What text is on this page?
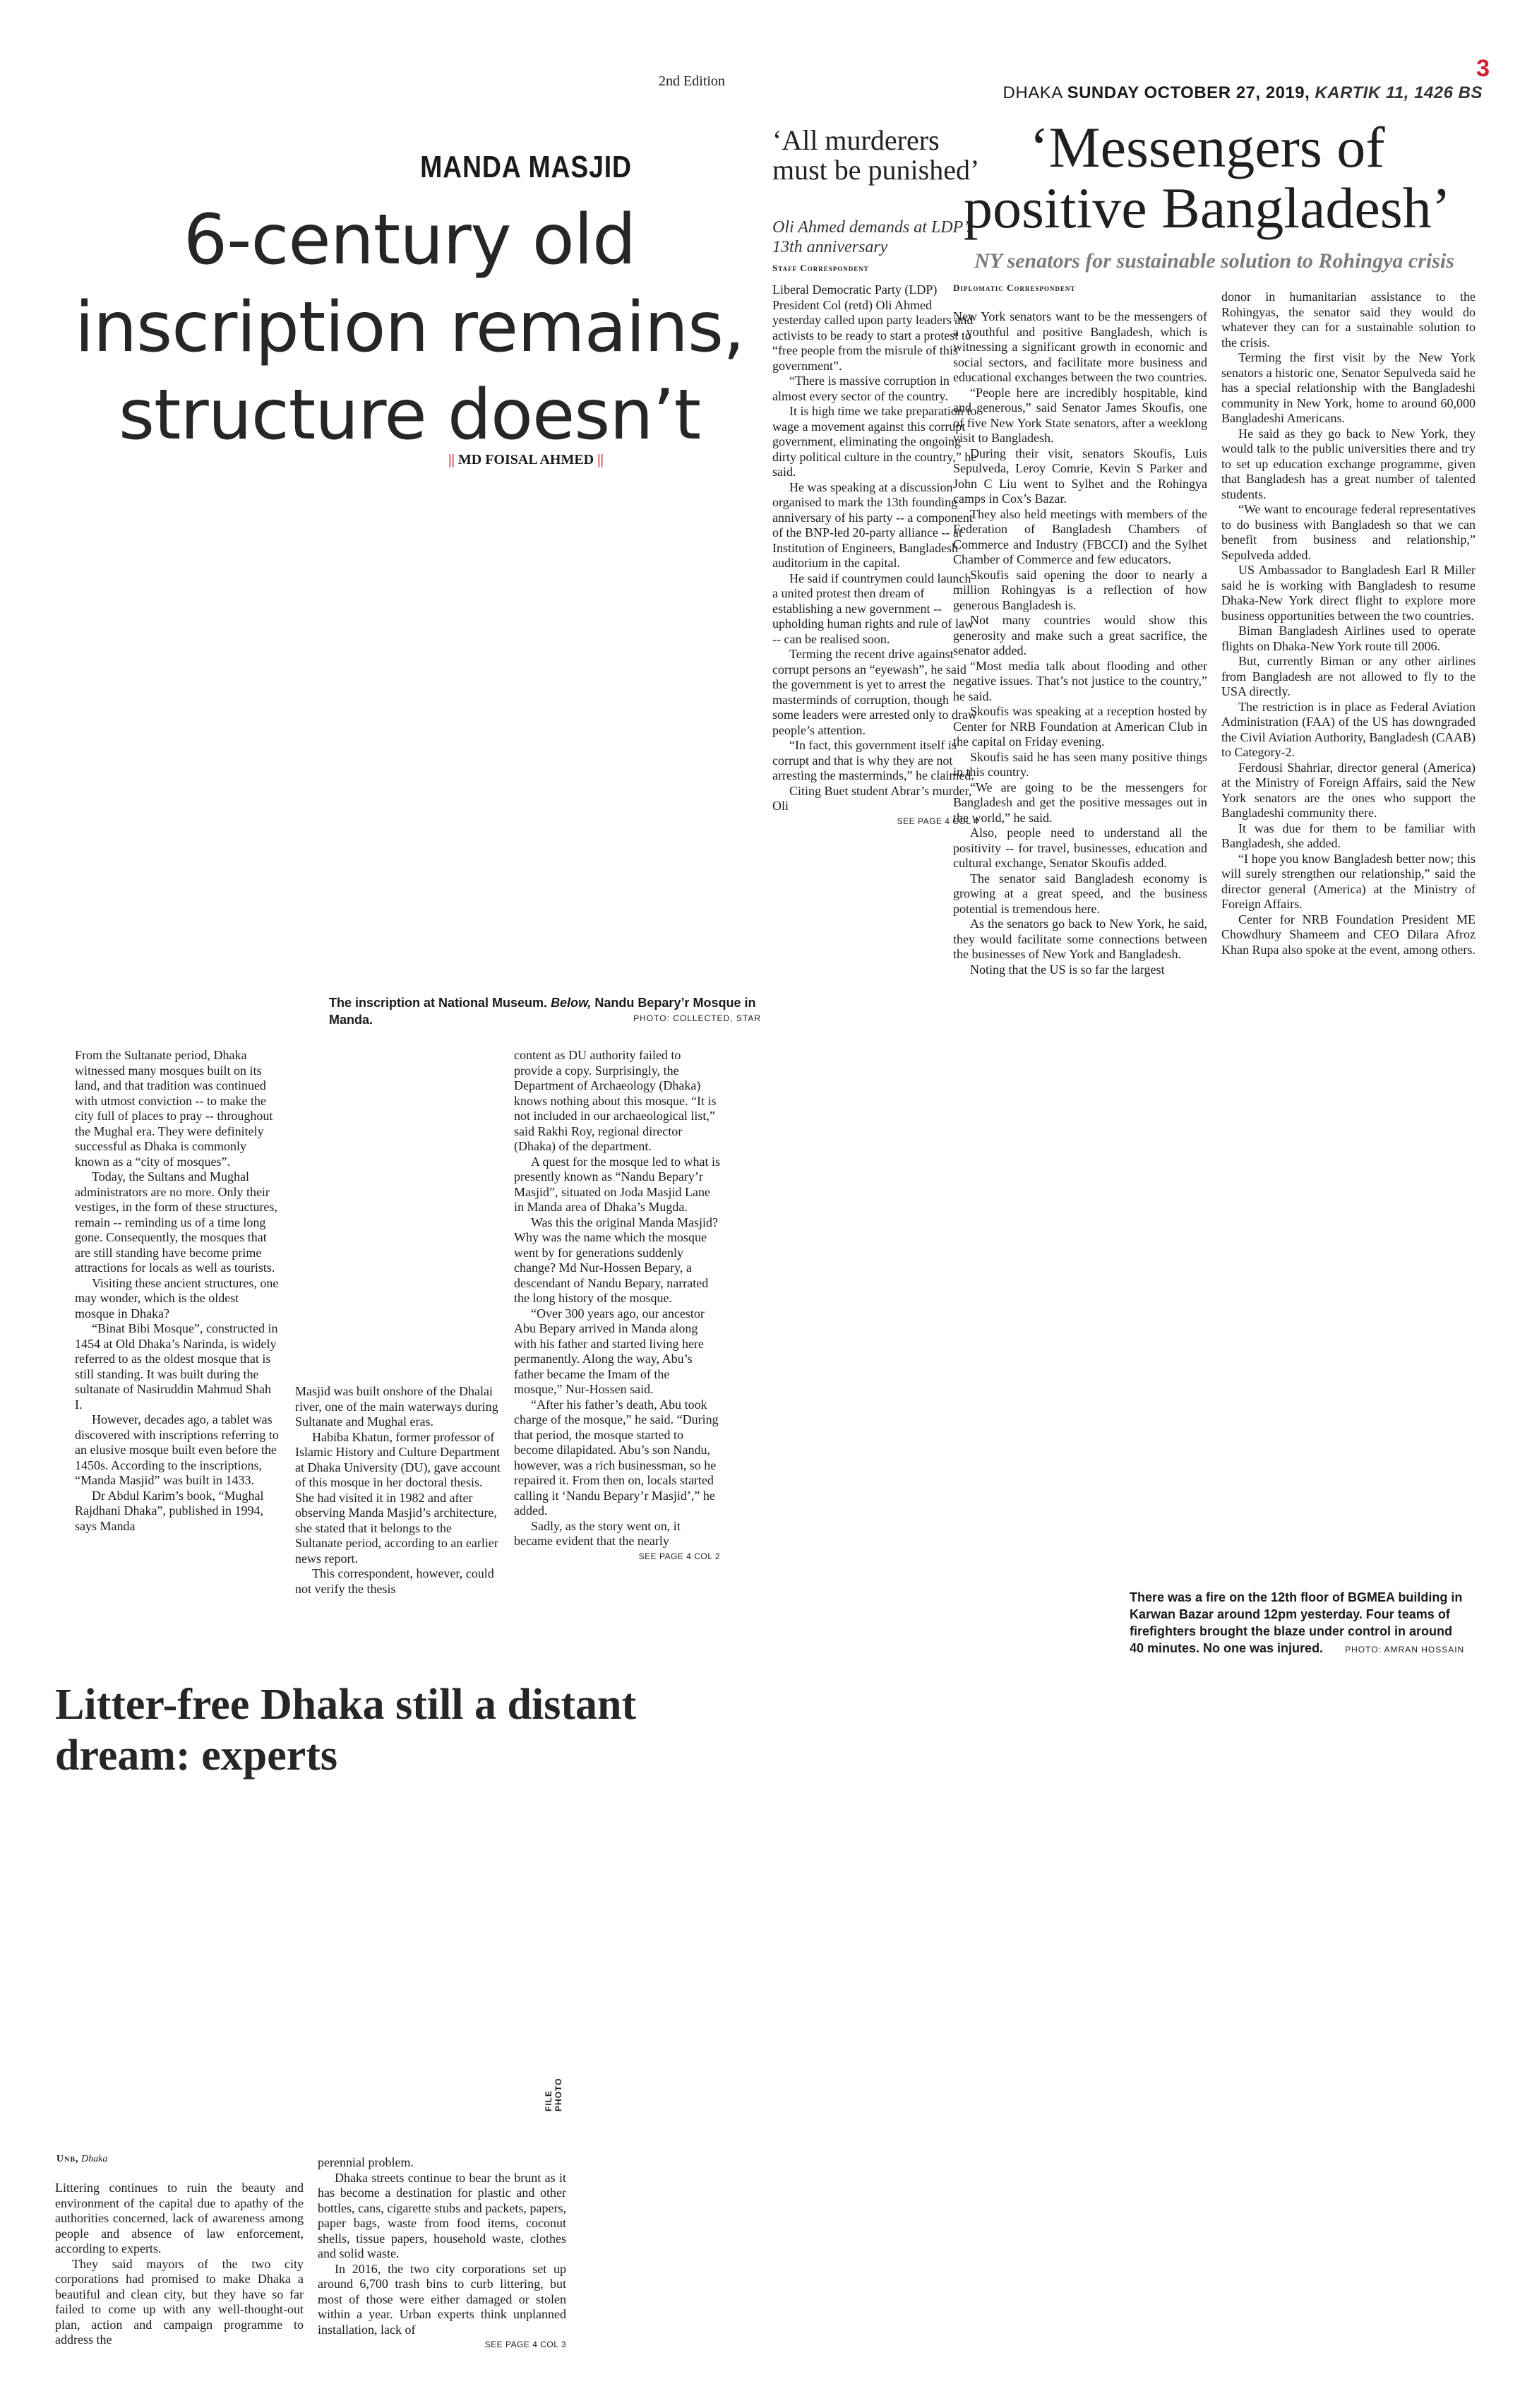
3
2nd Edition
DHAKA SUNDAY OCTOBER 27, 2019, KARTIK 11, 1426 BS
MANDA MASJID
6-century old inscription remains, structure doesn’t
|| MD FOISAL AHMED ||
The inscription at National Museum. Below, Nandu Bepary’r Mosque in Manda.	PHOTO: COLLECTED, STAR

From the Sultanate period, Dhaka witnessed many mosques built on its land, and that tradition was continued with utmost conviction -- to make the city full of places to pray -- throughout the Mughal era. They were definitely successful as Dhaka is commonly known as a “city of mosques”.

Today, the Sultans and Mughal administrators are no more. Only their vestiges, in the form of these structures, remain -- reminding us of a time long gone. Consequently, the mosques that are still standing have become prime attractions for locals as well as tourists.

Visiting these ancient structures, one may wonder, which is the oldest mosque in Dhaka?

“Binat Bibi Mosque”, constructed in 1454 at Old Dhaka’s Narinda, is widely referred to as the oldest mosque that is still standing. It was built during the sultanate of Nasiruddin Mahmud Shah I.

However, decades ago, a tablet was discovered with inscriptions referring to an elusive mosque built even before the 1450s. According to the inscriptions, “Manda Masjid” was built in 1433.

Dr Abdul Karim’s book, “Mughal Rajdhani Dhaka”, published in 1994, says Manda

Masjid was built onshore of the Dhalai river, one of the main waterways during Sultanate and Mughal eras.

Habiba Khatun, former professor of Islamic History and Culture Department at Dhaka University (DU), gave account of this mosque in her doctoral thesis. She had visited it in 1982 and after observing Manda Masjid’s architecture, she stated that it belongs to the Sultanate period, according to an earlier news report.

This correspondent, however, could not verify the thesis

content as DU authority failed to provide a copy. Surprisingly, the Department of Archaeology (Dhaka) knows nothing about this mosque. “It is not included in our archaeological list,” said Rakhi Roy, regional director (Dhaka) of the department.

A quest for the mosque led to what is presently known as “Nandu Bepary’r Masjid”, situated on Joda Masjid Lane in Manda area of Dhaka’s Mugda.

Was this the original Manda Masjid? Why was the name which the mosque went by for generations suddenly change? Md Nur-Hossen Bepary, a descendant of Nandu Bepary, narrated the long history of the mosque.

“Over 300 years ago, our ancestor Abu Bepary arrived in Manda along with his father and started living here permanently. Along the way, Abu’s father became the Imam of the mosque,” Nur-Hossen said.

“After his father’s death, Abu took charge of the mosque,” he said. “During that period, the mosque started to become dilapidated. Abu’s son Nandu, however, was a rich businessman, so he repaired it. From then on, locals started calling it ‘Nandu Bepary’r Masjid’,” he added.

Sadly, as the story went on, it became evident that the nearly

SEE PAGE 4 COL 2
‘All murderers must be punished’
Oli Ahmed demands at LDP’s 13th anniversary
Staff Correspondent

Liberal Democratic Party (LDP) President Col (retd) Oli Ahmed yesterday called upon party leaders and activists to be ready to start a protest to “free people from the misrule of this government”.

“There is massive corruption in almost every sector of the country.

It is high time we take preparation to wage a movement against this corrupt government, eliminating the ongoing dirty political culture in the country,” he said.

He was speaking at a discussion organised to mark the 13th founding anniversary of his party -- a component of the BNP-led 20-party alliance -- at Institution of Engineers, Bangladesh auditorium in the capital.

He said if countrymen could launch a united protest then dream of establishing a new government -- upholding human rights and rule of law -- can be realised soon.

Terming the recent drive against corrupt persons an “eyewash”, he said the government is yet to arrest the masterminds of corruption, though some leaders were arrested only to draw people’s attention.

“In fact, this government itself is corrupt and that is why they are not arresting the masterminds,” he claimed.

Citing Buet student Abrar’s murder, Oli

SEE PAGE 4 COL 4
‘Messengers of positive Bangladesh’
NY senators for sustainable solution to Rohingya crisis
Diplomatic Correspondent

New York senators want to be the messengers of a youthful and positive Bangladesh, which is witnessing a significant growth in economic and social sectors, and facilitate more business and educational exchanges between the two countries.

“People here are incredibly hospitable, kind and generous,” said Senator James Skoufis, one of five New York State senators, after a weeklong visit to Bangladesh.

During their visit, senators Skoufis, Luis Sepulveda, Leroy Comrie, Kevin S Parker and John C Liu went to Sylhet and the Rohingya camps in Cox’s Bazar.

They also held meetings with members of the Federation of Bangladesh Chambers of Commerce and Industry (FBCCI) and the Sylhet Chamber of Commerce and few educators.

Skoufis said opening the door to nearly a million Rohingyas is a reflection of how generous Bangladesh is.

Not many countries would show this generosity and make such a great sacrifice, the senator added.

“Most media talk about flooding and other negative issues. That’s not justice to the country,” he said.

Skoufis was speaking at a reception hosted by Center for NRB Foundation at American Club in the capital on Friday evening.

Skoufis said he has seen many positive things in this country.

“We are going to be the messengers for Bangladesh and get the positive messages out in the world,” he said.

Also, people need to understand all the positivity -- for travel, businesses, education and cultural exchange, Senator Skoufis added.

The senator said Bangladesh economy is growing at a great speed, and the business potential is tremendous here.

As the senators go back to New York, he said, they would facilitate some connections between the businesses of New York and Bangladesh.

Noting that the US is so far the largest

donor in humanitarian assistance to the Rohingyas, the senator said they would do whatever they can for a sustainable solution to the crisis.

Terming the first visit by the New York senators a historic one, Senator Sepulveda said he has a special relationship with the Bangladeshi community in New York, home to around 60,000 Bangladeshi Americans.

He said as they go back to New York, they would talk to the public universities there and try to set up education exchange programme, given that Bangladesh has a great number of talented students.

“We want to encourage federal representatives to do business with Bangladesh so that we can benefit from business and relationship,” Sepulveda added.

US Ambassador to Bangladesh Earl R Miller said he is working with Bangladesh to resume Dhaka-New York direct flight to explore more business opportunities between the two countries.

Biman Bangladesh Airlines used to operate flights on Dhaka-New York route till 2006.

But, currently Biman or any other airlines from Bangladesh are not allowed to fly to the USA directly.

The restriction is in place as Federal Aviation Administration (FAA) of the US has downgraded the Civil Aviation Authority, Bangladesh (CAAB) to Category-2.

Ferdousi Shahriar, director general (America) at the Ministry of Foreign Affairs, said the New York senators are the ones who support the Bangladeshi community there.

It was due for them to be familiar with Bangladesh, she added.

“I hope you know Bangladesh better now; this will surely strengthen our relationship,” said the director general (America) at the Ministry of Foreign Affairs.

Center for NRB Foundation President ME Chowdhury Shameem and CEO Dilara Afroz Khan Rupa also spoke at the event, among others.

There was a fire on the 12th floor of BGMEA building in Karwan Bazar around 12pm yesterday. Four teams of firefighters brought the blaze under control in around 40 minutes. No one was injured.	PHOTO: AMRAN HOSSAIN
Litter-free Dhaka still a distant dream: experts
FILE PHOTO
Unb, Dhaka

Littering continues to ruin the beauty and environment of the capital due to apathy of the authorities concerned, lack of awareness among people and absence of law enforcement, according to experts.

They said mayors of the two city corporations had promised to make Dhaka a beautiful and clean city, but they have so far failed to come up with any well-thought-out plan, action and campaign programme to address the

perennial problem.

Dhaka streets continue to bear the brunt as it has become a destination for plastic and other bottles, cans, cigarette stubs and packets, papers, paper bags, waste from food items, coconut shells, tissue papers, household waste, clothes and solid waste.

In 2016, the two city corporations set up around 6,700 trash bins to curb littering, but most of those were either damaged or stolen within a year. Urban experts think unplanned installation, lack of

SEE PAGE 4 COL 3
